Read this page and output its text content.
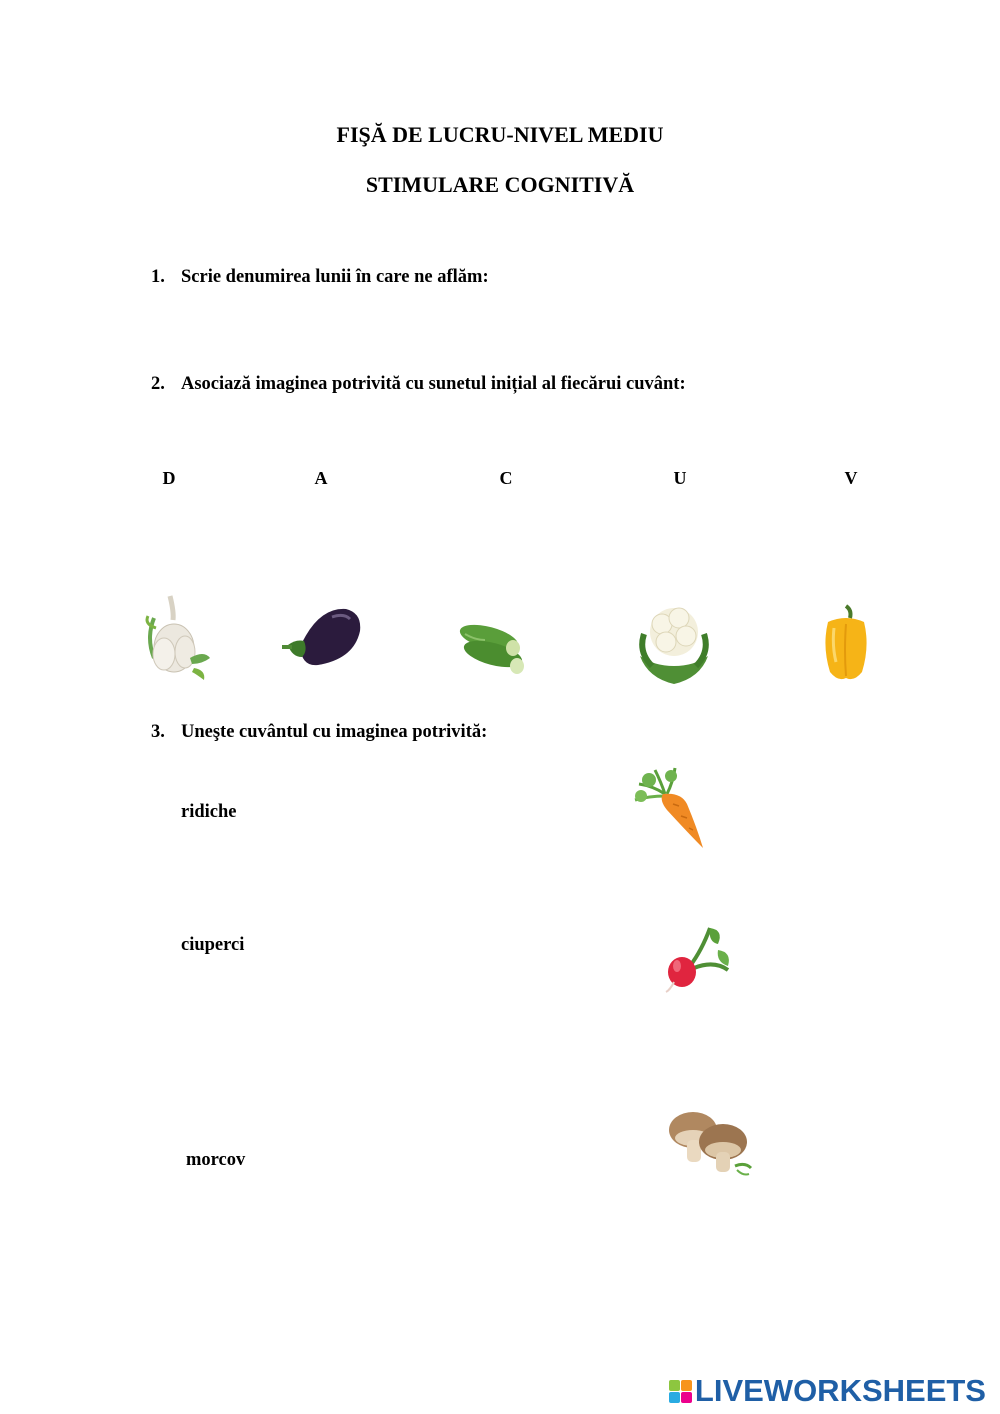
FIŞĂ DE LUCRU-NIVEL MEDIU
STIMULARE COGNITIVĂ
1. Scrie denumirea lunii în care ne aflăm:
2. Asociază imaginea potrivită cu sunetul inițial al fiecărui cuvânt:
D	A	C	U	V
3. Uneşte cuvântul cu imaginea potrivită:
ridiche
ciuperci
morcov
LIVEWORKSHEETS
